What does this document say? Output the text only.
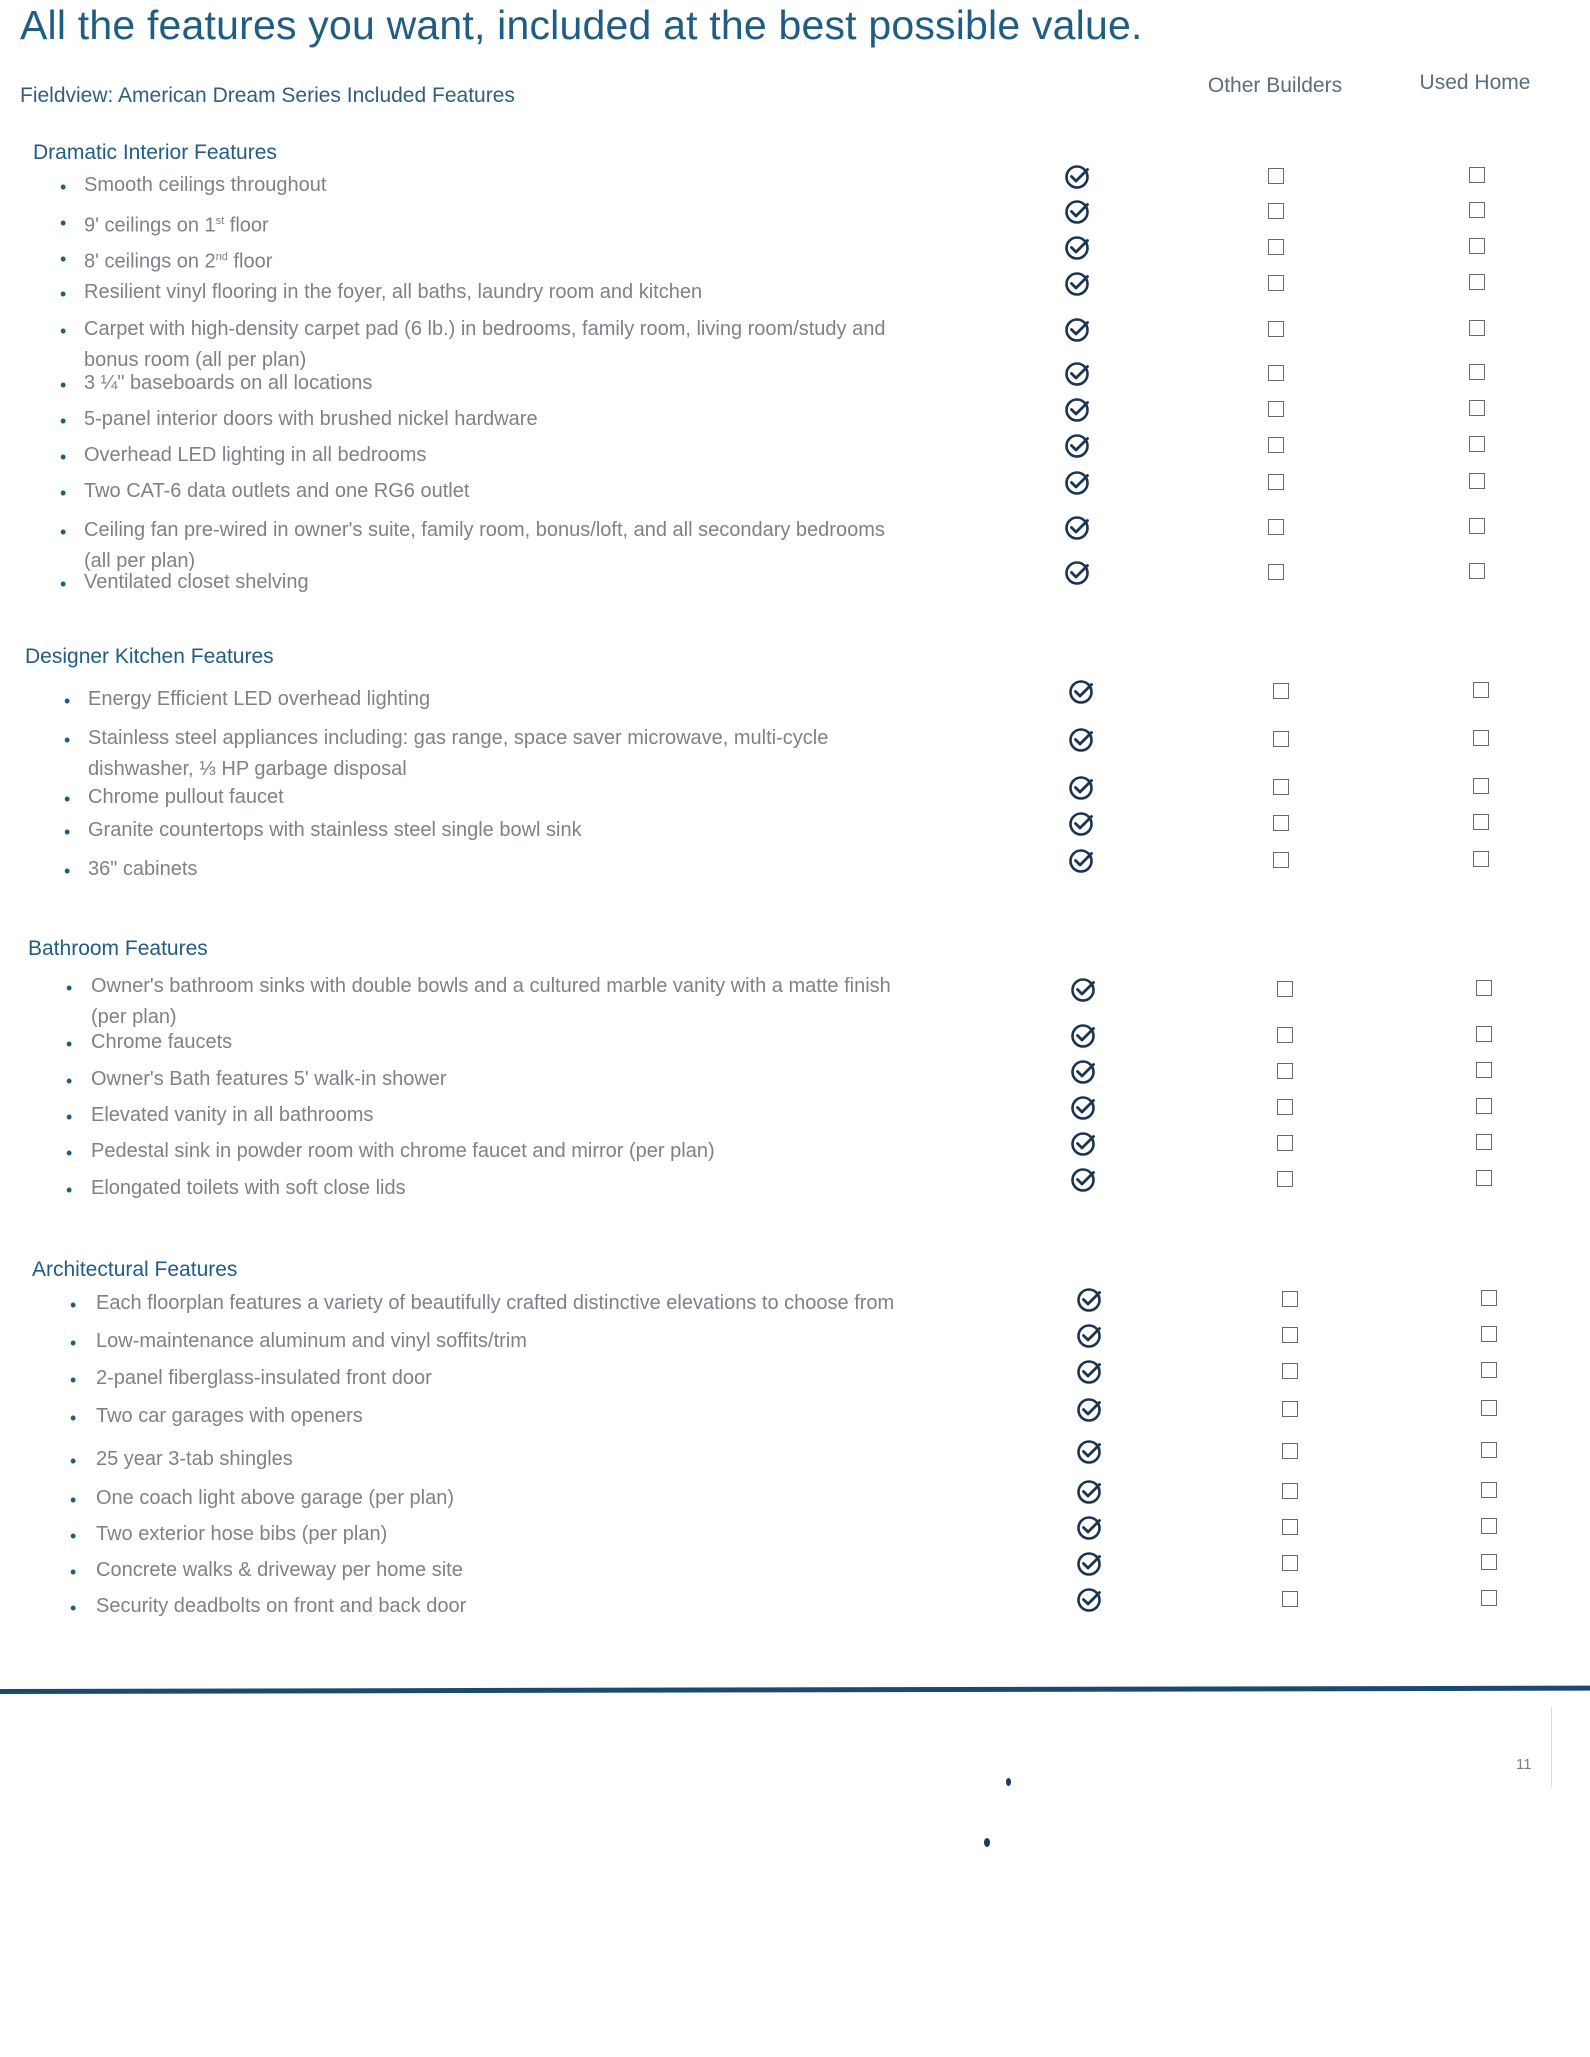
All the features you want, included at the best possible value.
Fieldview: American Dream Series Included Features	Other Builders	Used Home
Dramatic Interior Features
• Smooth ceilings throughout
• 9' ceilings on 1st floor
• 8' ceilings on 2nd floor
• Resilient vinyl flooring in the foyer, all baths, laundry room and kitchen
• Carpet with high-density carpet pad (6 lb.) in bedrooms, family room, living room/study and
bonus room (all per plan)
• 3 ¼" baseboards on all locations
• 5-panel interior doors with brushed nickel hardware
• Overhead LED lighting in all bedrooms
• Two CAT-6 data outlets and one RG6 outlet
• Ceiling fan pre-wired in owner's suite, family room, bonus/loft, and all secondary bedrooms
(all per plan)
• Ventilated closet shelving
Designer Kitchen Features
• Energy Efficient LED overhead lighting
• Stainless steel appliances including: gas range, space saver microwave, multi-cycle
dishwasher, ⅓ HP garbage disposal
• Chrome pullout faucet
• Granite countertops with stainless steel single bowl sink
• 36" cabinets
Bathroom Features
• Owner's bathroom sinks with double bowls and a cultured marble vanity with a matte finish
(per plan)
• Chrome faucets
• Owner's Bath features 5' walk-in shower
• Elevated vanity in all bathrooms
• Pedestal sink in powder room with chrome faucet and mirror (per plan)
• Elongated toilets with soft close lids
Architectural Features
• Each floorplan features a variety of beautifully crafted distinctive elevations to choose from
• Low-maintenance aluminum and vinyl soffits/trim
• 2-panel fiberglass-insulated front door
• Two car garages with openers
• 25 year 3-tab shingles
• One coach light above garage (per plan)
• Two exterior hose bibs (per plan)
• Concrete walks & driveway per home site
• Security deadbolts on front and back door
11
